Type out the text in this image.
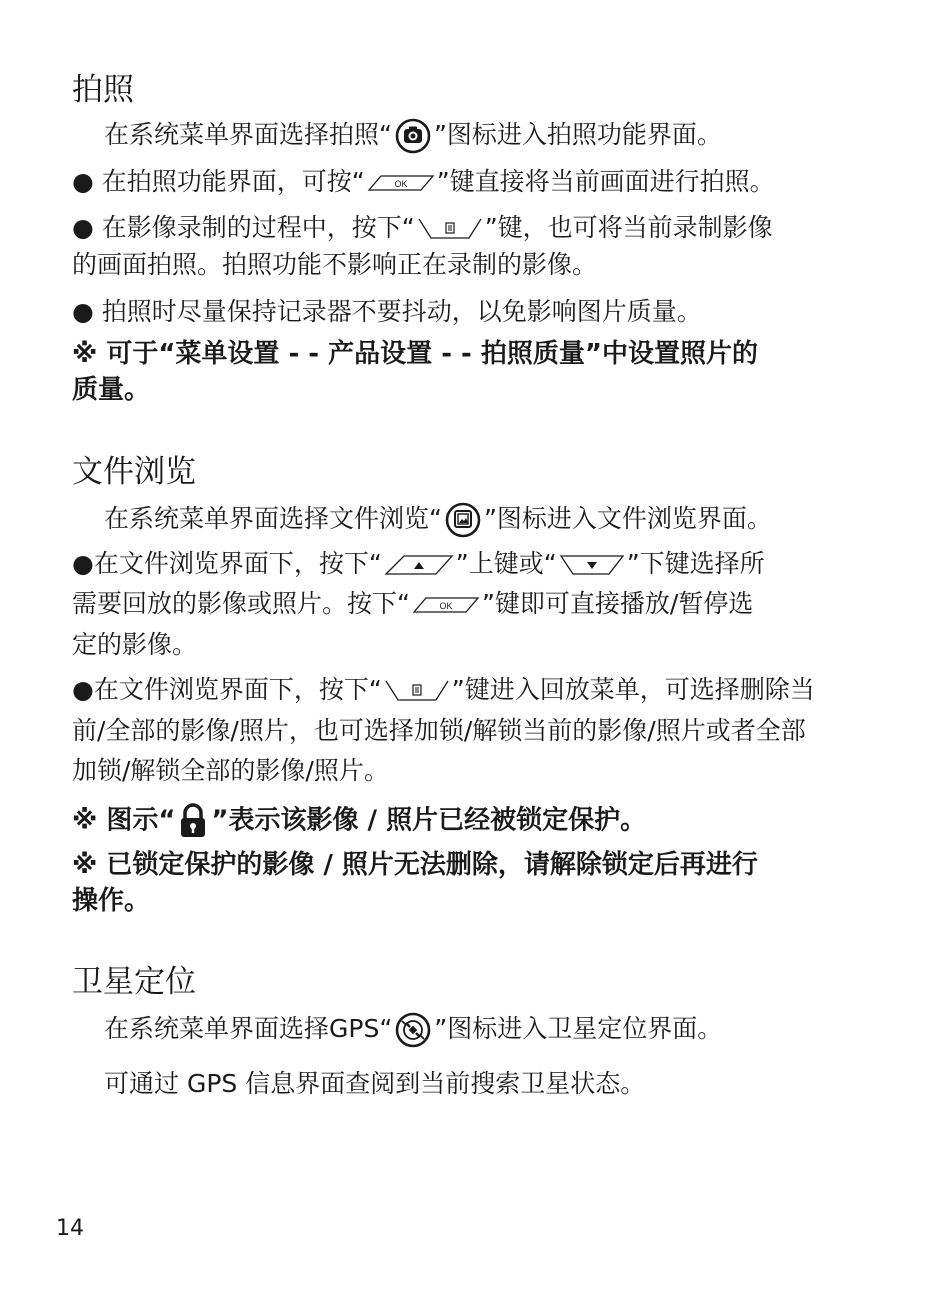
拍照

在系统菜单界面选择拍照“ ”图标进入拍照功能界面。

● 在拍照功能界面，可按“	OK ”键直接将当前画面进行拍照。

● 在影像录制的过程中，按下“	”键，也可将当前录制影像

的画面拍照。拍照功能不影响正在录制的影像。

● 拍照时尽量保持记录器不要抖动，以免影响图片质量。

※ 可于“菜单设置 - - 产品设置 - - 拍照质量”中设置照片的

质量。

文件浏览

在系统菜单界面选择文件浏览“ ”图标进入文件浏览界面。

●在文件浏览界面下，按下“	”上键或“	”下键选择所

需要回放的影像或照片。按下“	OK ”键即可直接播放/暂停选

定的影像。

●在文件浏览界面下，按下“	”键进入回放菜单，可选择删除当

前/全部的影像/照片，也可选择加锁/解锁当前的影像/照片或者全部

加锁/解锁全部的影像/照片。

※ 图示“ ”表示该影像 / 照片已经被锁定保护。

※ 已锁定保护的影像 / 照片无法删除，请解除锁定后再进行

操作。

卫星定位

在系统菜单界面选择GPS“ ”图标进入卫星定位界面。

可通过 GPS 信息界面查阅到当前搜索卫星状态。

14
